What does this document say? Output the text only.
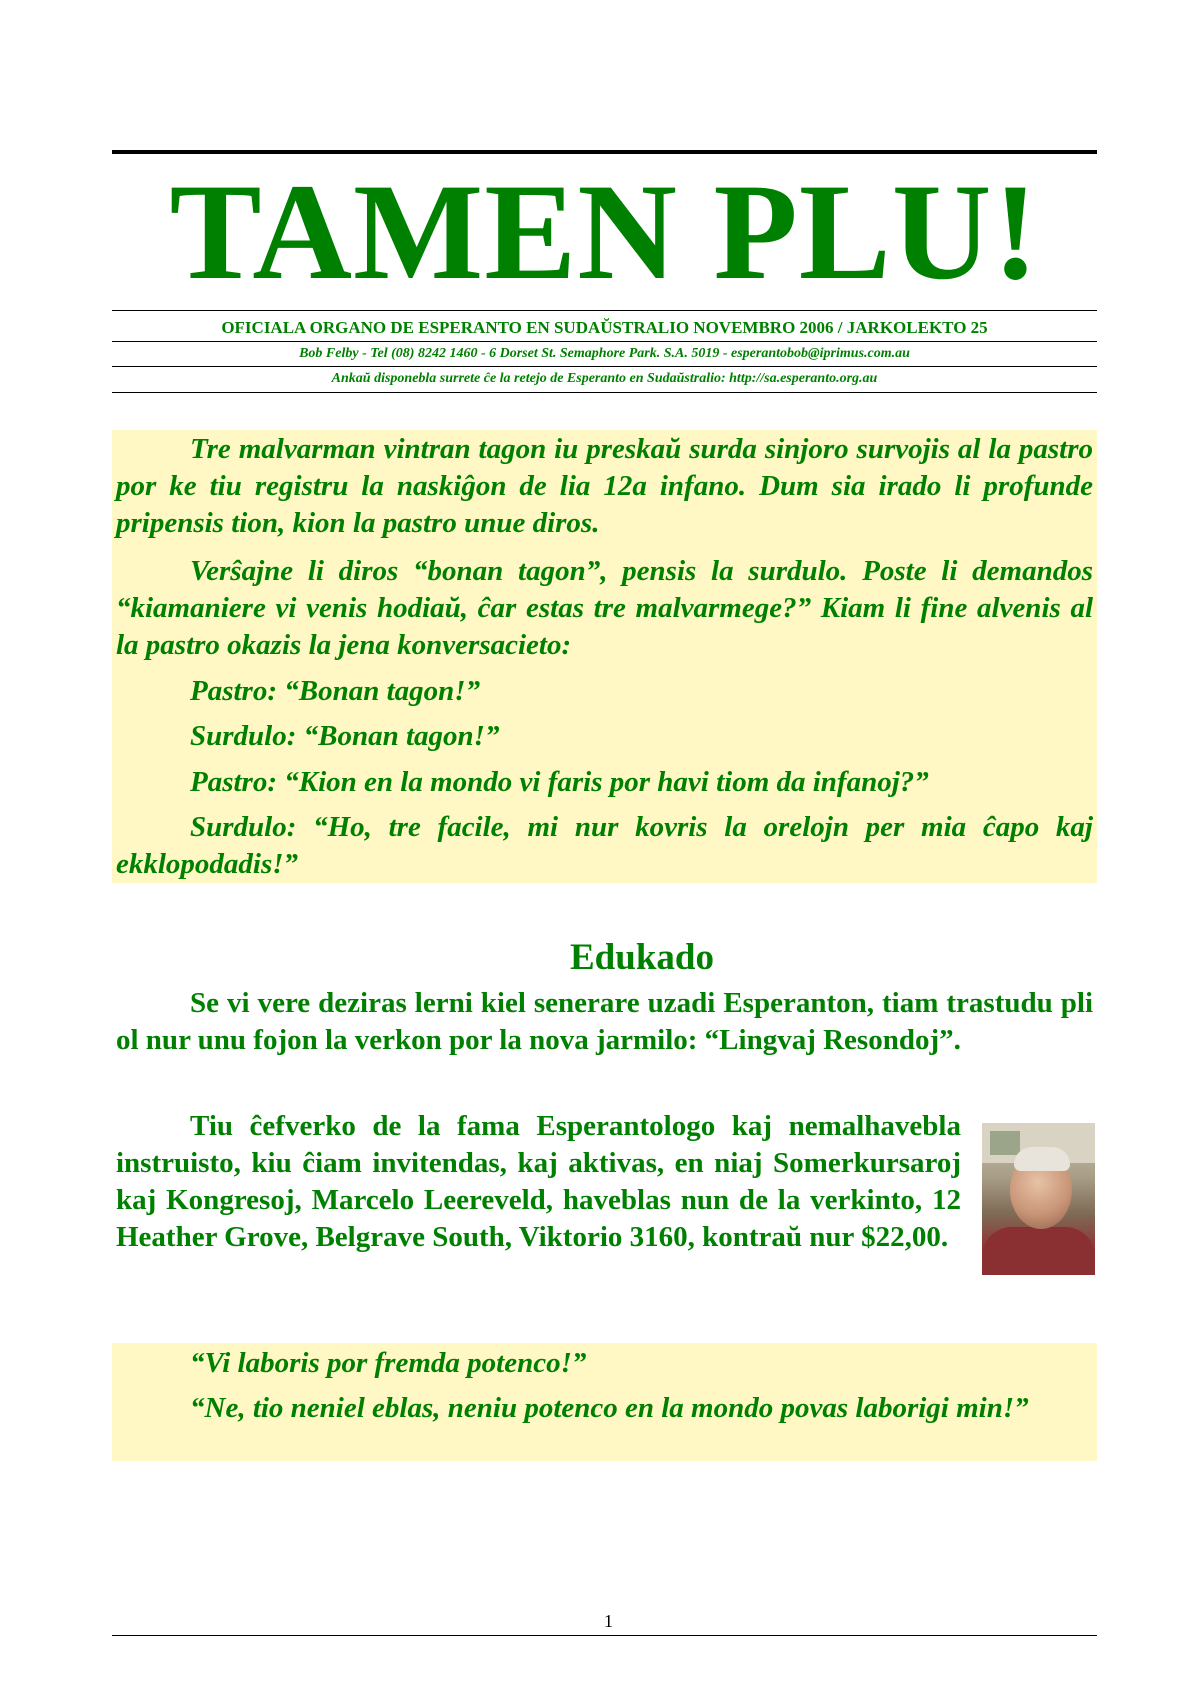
TAMEN PLU!
OFICIALA ORGANO DE ESPERANTO EN SUDAŬSTRALIO NOVEMBRO 2006 / JARKOLEKTO 25
Bob Felby - Tel (08) 8242 1460 - 6 Dorset St. Semaphore Park. S.A. 5019 - esperantobob@iprimus.com.au
Ankaŭ disponebla surrete ĉe la retejo de Esperanto en Sudaŭstralio: http://sa.esperanto.org.au

Tre malvarman vintran tagon iu preskaŭ surda sinjoro survojis al la pastro por ke tiu registru la naskiĝon de lia 12a infano. Dum sia irado li profunde pripensis tion, kion la pastro unue diros.

Verŝajne li diros “bonan tagon”, pensis la surdulo. Poste li demandos “kiamaniere vi venis hodiaŭ, ĉar estas tre malvarmege?” Kiam li fine alvenis al la pastro okazis la jena konversacieto:

Pastro: “Bonan tagon!”

Surdulo: “Bonan tagon!”

Pastro: “Kion en la mondo vi faris por havi tiom da infanoj?”

Surdulo: “Ho, tre facile, mi nur kovris la orelojn per mia ĉapo kaj ekklopodadis!”

Edukado

Se vi vere deziras lerni kiel senerare uzadi Esperanton, tiam trastudu pli ol nur unu fojon la verkon por la nova jarmilo: “Lingvaj Resondoj”.

Tiu ĉefverko de la fama Esperantologo kaj nemalhavebla instruisto, kiu ĉiam invitendas, kaj aktivas, en niaj Somerkursaroj kaj Kongresoj, Marcelo Leereveld, haveblas nun de la verkinto, 12 Heather Grove, Belgrave South, Viktorio 3160, kontraŭ nur $22,00.

“Vi laboris por fremda potenco!”

“Ne, tio neniel eblas, neniu potenco en la mondo povas laborigi min!”

1
